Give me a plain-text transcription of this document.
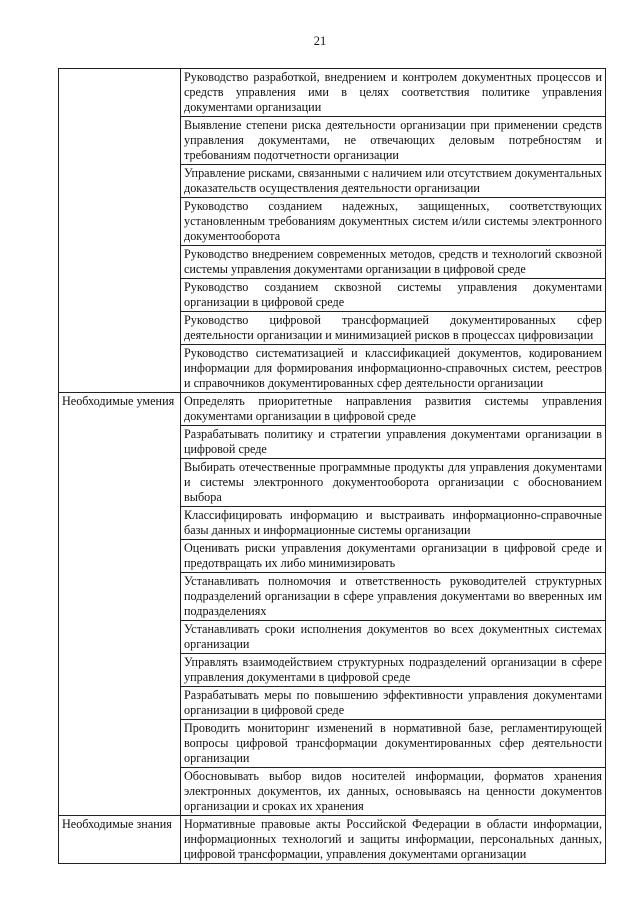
21
	Руководство разработкой, внедрением и контролем документных процессов и средств управления ими в целях соответствия политике управления документами организации
	Выявление степени риска деятельности организации при применении средств управления документами, не отвечающих деловым потребностям и требованиям подотчетности организации
	Управление рисками, связанными с наличием или отсутствием документальных доказательств осуществления деятельности организации
	Руководство созданием надежных, защищенных, соответствующих установленным требованиям документных систем и/или системы электронного документооборота
	Руководство внедрением современных методов, средств и технологий сквозной системы управления документами организации в цифровой среде
	Руководство созданием сквозной системы управления документами организации в цифровой среде
	Руководство цифровой трансформацией документированных сфер деятельности организации и минимизацией рисков в процессах цифровизации
	Руководство систематизацией и классификацией документов, кодированием информации для формирования информационно-справочных систем, реестров и справочников документированных сфер деятельности организации
Необходимые умения	Определять приоритетные направления развития системы управления документами организации в цифровой среде
	Разрабатывать политику и стратегии управления документами организации в цифровой среде
	Выбирать отечественные программные продукты для управления документами и системы электронного документооборота организации с обоснованием выбора
	Классифицировать информацию и выстраивать информационно-справочные базы данных и информационные системы организации
	Оценивать риски управления документами организации в цифровой среде и предотвращать их либо минимизировать
	Устанавливать полномочия и ответственность руководителей структурных подразделений организации в сфере управления документами во вверенных им подразделениях
	Устанавливать сроки исполнения документов во всех документных системах организации
	Управлять взаимодействием структурных подразделений организации в сфере управления документами в цифровой среде
	Разрабатывать меры по повышению эффективности управления документами организации в цифровой среде
	Проводить мониторинг изменений в нормативной базе, регламентирующей вопросы цифровой трансформации документированных сфер деятельности организации
	Обосновывать выбор видов носителей информации, форматов хранения электронных документов, их данных, основываясь на ценности документов организации и сроках их хранения
Необходимые знания	Нормативные правовые акты Российской Федерации в области информации, информационных технологий и защиты информации, персональных данных, цифровой трансформации, управления документами организации
